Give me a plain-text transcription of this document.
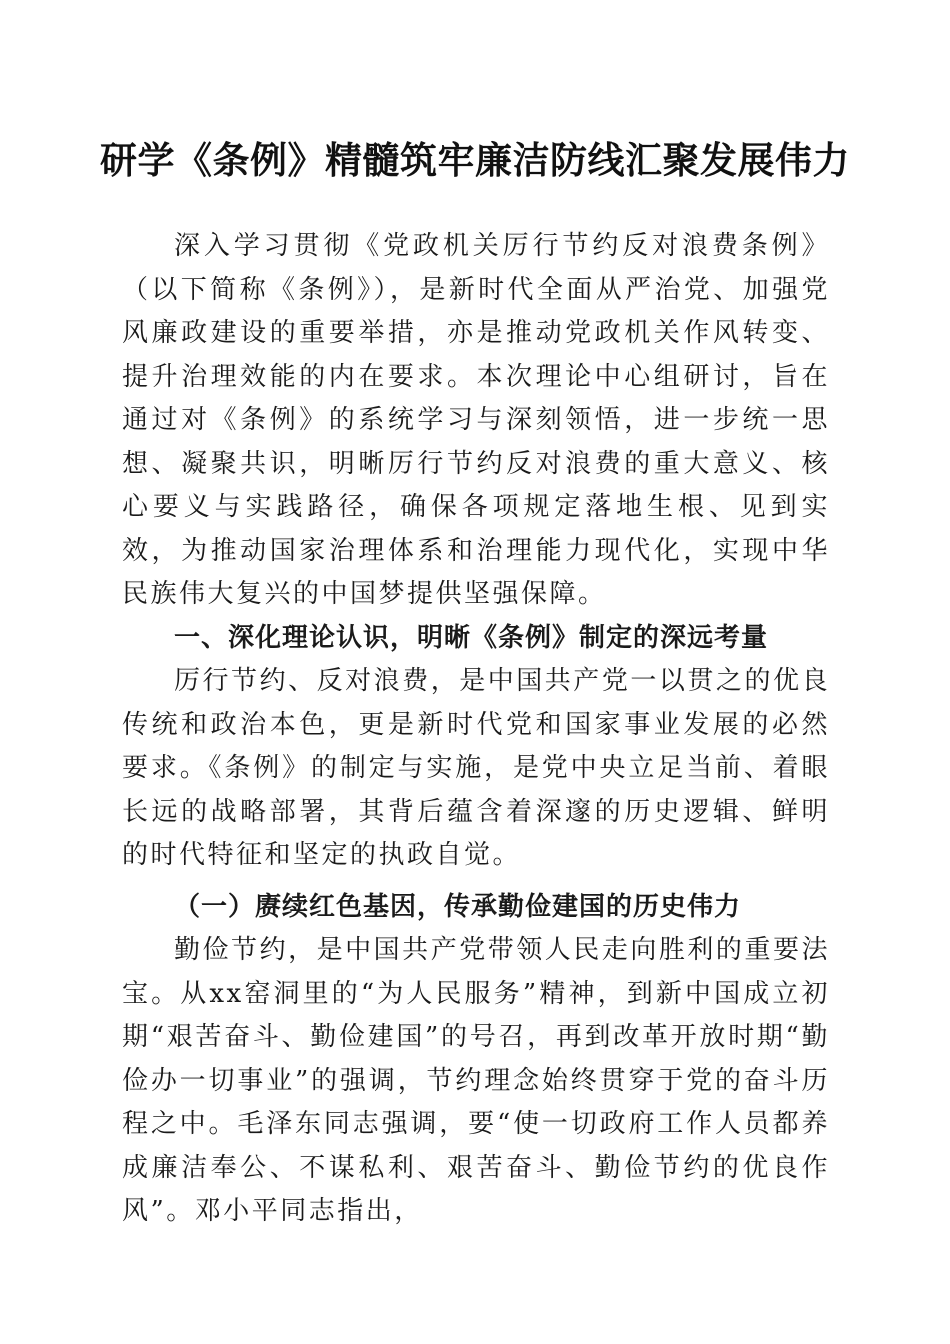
研学《条例》精髓筑牢廉洁防线汇聚发展伟力

深入学习贯彻《党政机关厉行节约反对浪费条例》（以下简称《条例》），是新时代全面从严治党、加强党风廉政建设的重要举措，亦是推动党政机关作风转变、提升治理效能的内在要求。本次理论中心组研讨，旨在通过对《条例》的系统学习与深刻领悟，进一步统一思想、凝聚共识，明晰厉行节约反对浪费的重大意义、核心要义与实践路径，确保各项规定落地生根、见到实效，为推动国家治理体系和治理能力现代化，实现中华民族伟大复兴的中国梦提供坚强保障。

一、深化理论认识，明晰《条例》制定的深远考量

厉行节约、反对浪费，是中国共产党一以贯之的优良传统和政治本色，更是新时代党和国家事业发展的必然要求。《条例》的制定与实施，是党中央立足当前、着眼长远的战略部署，其背后蕴含着深邃的历史逻辑、鲜明的时代特征和坚定的执政自觉。

（一）赓续红色基因，传承勤俭建国的历史伟力

勤俭节约，是中国共产党带领人民走向胜利的重要法宝。从xx窑洞里的“为人民服务”精神，到新中国成立初期“艰苦奋斗、勤俭建国”的号召，再到改革开放时期“勤俭办一切事业”的强调，节约理念始终贯穿于党的奋斗历程之中。毛泽东同志强调，要“使一切政府工作人员都养成廉洁奉公、不谋私利、艰苦奋斗、勤俭节约的优良作风”。邓小平同志指出，
